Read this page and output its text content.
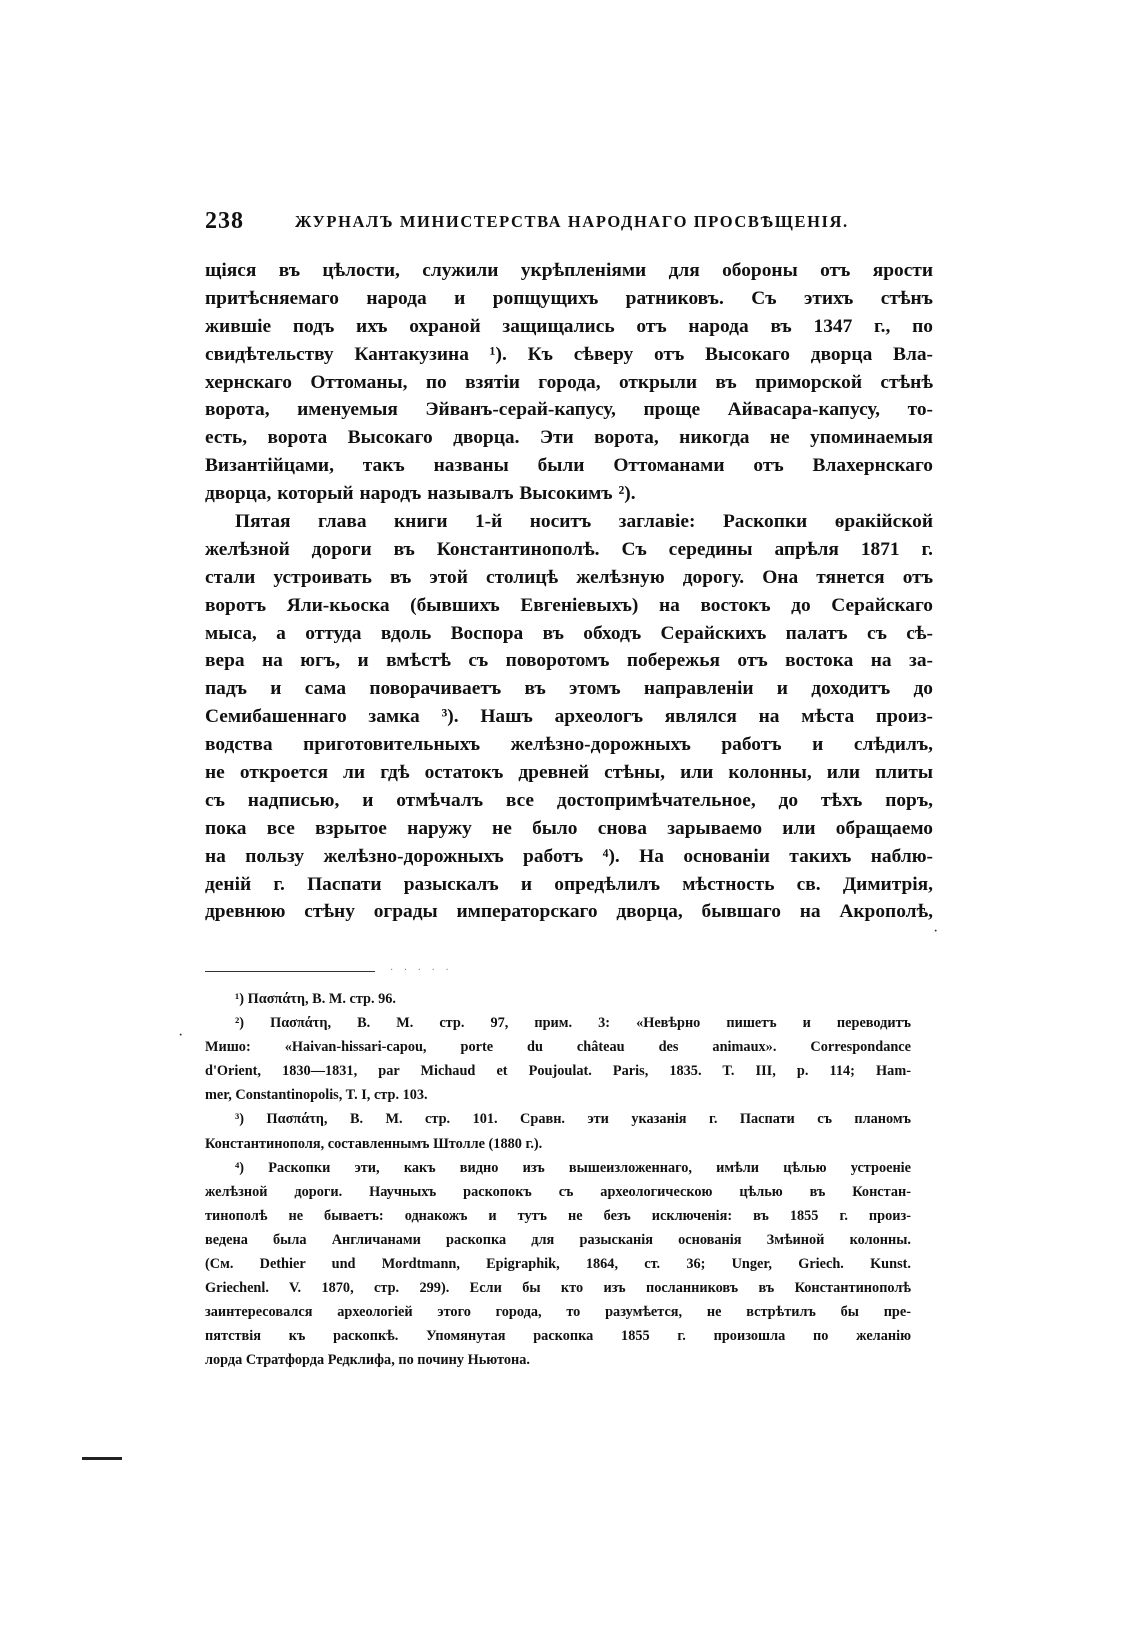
238	ЖУРНАЛЪ МИНИСТЕРСТВА НАРОДНАГО ПРОСВѢЩЕНІЯ.
щіяся въ цѣлости, служили укрѣпленіями для обороны отъ ярости
притѣсняемаго народа и ропщущихъ ратниковъ. Съ этихъ стѣнъ
жившіе подъ ихъ охраной защищались отъ народа въ 1347 г., по
свидѣтельству Кантакузина ¹). Къ сѣверу отъ Высокаго дворца Вла-
хернскаго Оттоманы, по взятіи города, открыли въ приморской стѣнѣ
ворота, именуемыя Эйванъ-серай-капусу, проще Айвасара-капусу, то-
есть, ворота Высокаго дворца. Эти ворота, никогда не упоминаемыя
Византійцами, такъ названы были Оттоманами отъ Влахернскаго
дворца, который народъ называлъ Высокимъ ²).
Пятая глава книги 1-й носитъ заглавіе: Раскопки ѳракійской
желѣзной дороги въ Константинополѣ. Съ середины апрѣля 1871 г.
стали устроивать въ этой столицѣ желѣзную дорогу. Она тянется отъ
воротъ Яли-кьоска (бывшихъ Евгеніевыхъ) на востокъ до Серайскаго
мыса, а оттуда вдоль Воспора въ обходъ Серайскихъ палатъ съ сѣ-
вера на югъ, и вмѣстѣ съ поворотомъ побережья отъ востока на за-
падъ и сама поворачиваетъ въ этомъ направленіи и доходитъ до
Семибашеннаго замка ³). Нашъ археологъ являлся на мѣста произ-
водства приготовительныхъ желѣзно-дорожныхъ работъ и слѣдилъ,
не откроется ли гдѣ остатокъ древней стѣны, или колонны, или плиты
съ надписью, и отмѣчалъ все достопримѣчательное, до тѣхъ поръ,
пока все взрытое наружу не было снова зарываемо или обращаемо
на пользу желѣзно-дорожныхъ работъ ⁴). На основаніи такихъ наблю-
деній г. Паспати разыскалъ и опредѣлилъ мѣстность св. Димитрія,
древнюю стѣну ограды императорскаго дворца, бывшаго на Акрополѣ,
· · · · ·
¹) Πασπάτη, В. М. стр. 96.
²) Πασπάτη, В. М. стр. 97, прим. 3: «Невѣрно пишетъ и переводитъ
Мишо: «Haivan-hissari-capou, porte du château des animaux». Correspondance
d'Orient, 1830—1831, par Michaud et Poujoulat. Paris, 1835. T. III, p. 114; Ham-
mer, Constantinopolis, T. I, стр. 103.
³) Πασπάτη, В. М. стр. 101. Сравн. эти указанія г. Паспати съ планомъ
Константинополя, составленнымъ Штолле (1880 г.).
⁴) Раскопки эти, какъ видно изъ вышеизложеннаго, имѣли цѣлью устроеніе
желѣзной дороги. Научныхъ раскопокъ съ археологическою цѣлью въ Констан-
тинополѣ не бываетъ: однакожъ и тутъ не безъ исключенія: въ 1855 г. произ-
ведена была Англичанами раскопка для разысканія основанія Змѣиной колонны.
(См. Dethier und Mordtmann, Epigraphik, 1864, ст. 36; Unger, Griech. Kunst.
Griechenl. V. 1870, стр. 299). Если бы кто изъ посланниковъ въ Константинополѣ
заинтересовался археологіей этого города, то разумѣется, не встрѣтилъ бы пре-
пятствія къ раскопкѣ. Упомянутая раскопка 1855 г. произошла по желанію
лорда Стратфорда Редклифа, по почину Ньютона.
·
·
